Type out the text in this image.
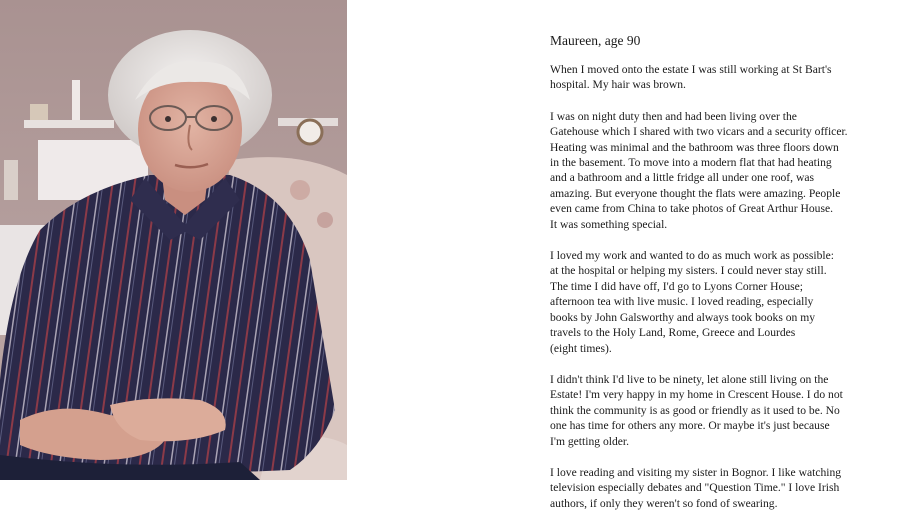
Maureen, age 90

When I moved onto the estate I was still working at St Bart's
hospital. My hair was brown.

I was on night duty then and had been living over the
Gatehouse which I shared with two vicars and a security officer.
Heating was minimal and the bathroom was three floors down
in the basement. To move into a modern flat that had heating
and a bathroom and a little fridge all under one roof, was
amazing. But everyone thought the flats were amazing. People
even came from China to take photos of Great Arthur House.
It was something special.

I loved my work and wanted to do as much work as possible:
at the hospital or helping my sisters. I could never stay still.
The time I did have off, I'd go to Lyons Corner House;
afternoon tea with live music. I loved reading, especially
books by John Galsworthy and always took books on my
travels to the Holy Land, Rome, Greece and Lourdes
(eight times).

I didn't think I'd live to be ninety, let alone still living on the
Estate! I'm very happy in my home in Crescent House. I do not
think the community is as good or friendly as it used to be. No
one has time for others any more. Or maybe it's just because
I'm getting older.

I love reading and visiting my sister in Bognor. I like watching
television especially debates and "Question Time." I love Irish
authors, if only they weren't so fond of swearing.
